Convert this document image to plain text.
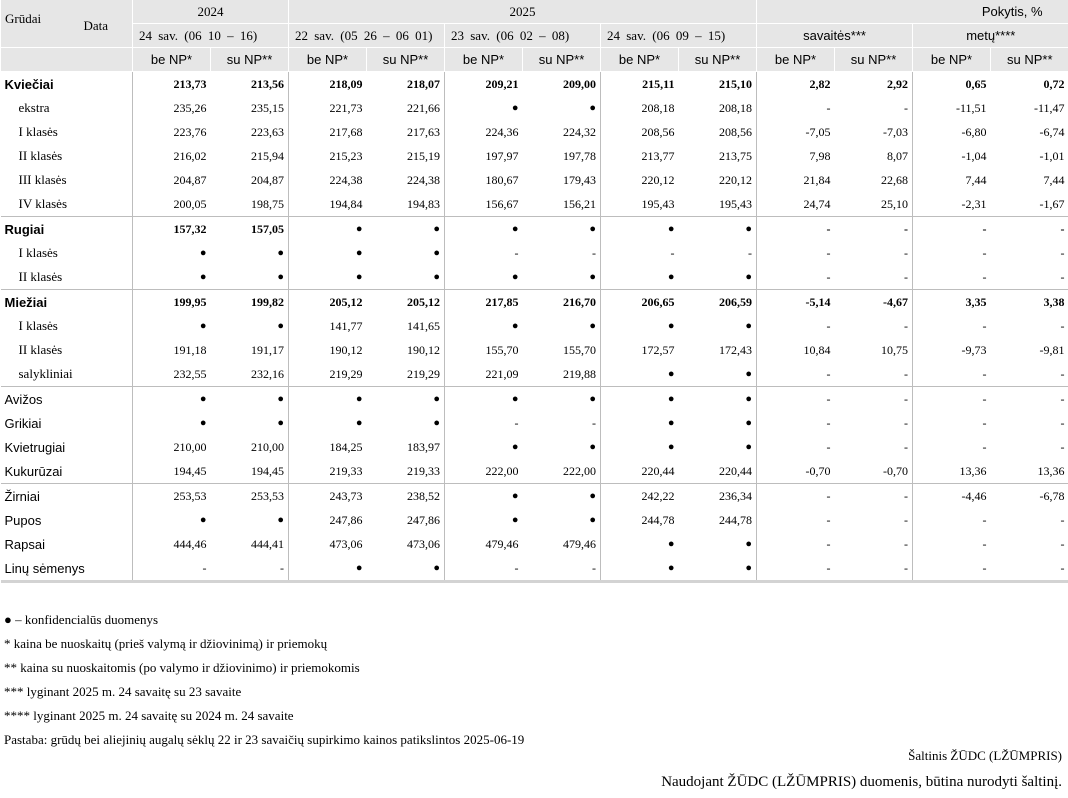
Data
Grūdai	2024		2025						Pokytis, %			
	24 sav. (06 10 – 16)		22 sav. (05 26 – 06 01)		23 sav. (06 02 – 08)		24 sav. (06 09 – 15)		savaitės***		metų****	
	be NP*	su NP**	be NP*	su NP**	be NP*	su NP**	be NP*	su NP**	be NP*	su NP**	be NP*	su NP**
Kviečiai	213,73	213,56	218,09	218,07	209,21	209,00	215,11	215,10	2,82	2,92	0,65	0,72
ekstra	235,26	235,15	221,73	221,66	●	●	208,18	208,18	-	-	-11,51	-11,47
I klasės	223,76	223,63	217,68	217,63	224,36	224,32	208,56	208,56	-7,05	-7,03	-6,80	-6,74
II klasės	216,02	215,94	215,23	215,19	197,97	197,78	213,77	213,75	7,98	8,07	-1,04	-1,01
III klasės	204,87	204,87	224,38	224,38	180,67	179,43	220,12	220,12	21,84	22,68	7,44	7,44
IV klasės	200,05	198,75	194,84	194,83	156,67	156,21	195,43	195,43	24,74	25,10	-2,31	-1,67
Rugiai	157,32	157,05	●	●	●	●	●	●	-	-	-	-
I klasės	●	●	●	●	-	-	-	-	-	-	-	-
II klasės	●	●	●	●	●	●	●	●	-	-	-	-
Miežiai	199,95	199,82	205,12	205,12	217,85	216,70	206,65	206,59	-5,14	-4,67	3,35	3,38
I klasės	●	●	141,77	141,65	●	●	●	●	-	-	-	-
II klasės	191,18	191,17	190,12	190,12	155,70	155,70	172,57	172,43	10,84	10,75	-9,73	-9,81
salykliniai	232,55	232,16	219,29	219,29	221,09	219,88	●	●	-	-	-	-
Avižos	●	●	●	●	●	●	●	●	-	-	-	-
Grikiai	●	●	●	●	-	-	●	●	-	-	-	-
Kvietrugiai	210,00	210,00	184,25	183,97	●	●	●	●	-	-	-	-
Kukurūzai	194,45	194,45	219,33	219,33	222,00	222,00	220,44	220,44	-0,70	-0,70	13,36	13,36
Žirniai	253,53	253,53	243,73	238,52	●	●	242,22	236,34	-	-	-4,46	-6,78
Pupos	●	●	247,86	247,86	●	●	244,78	244,78	-	-	-	-
Rapsai	444,46	444,41	473,06	473,06	479,46	479,46	●	●	-	-	-	-
Linų sėmenys	-	-	●	●	-	-	●	●	-	-	-	-
● – konfidencialūs duomenys
* kaina be nuoskaitų (prieš valymą ir džiovinimą) ir priemokų
** kaina su nuoskaitomis (po valymo ir džiovinimo) ir priemokomis
*** lyginant 2025 m. 24 savaitę su 23 savaite
**** lyginant 2025 m. 24 savaitę su 2024 m. 24 savaite
Pastaba: grūdų bei aliejinių augalų sėklų 22 ir 23 savaičių supirkimo kainos patikslintos 2025-06-19
Šaltinis ŽŪDC (LŽŪMPRIS)
Naudojant ŽŪDC (LŽŪMPRIS) duomenis, būtina nurodyti šaltinį.
